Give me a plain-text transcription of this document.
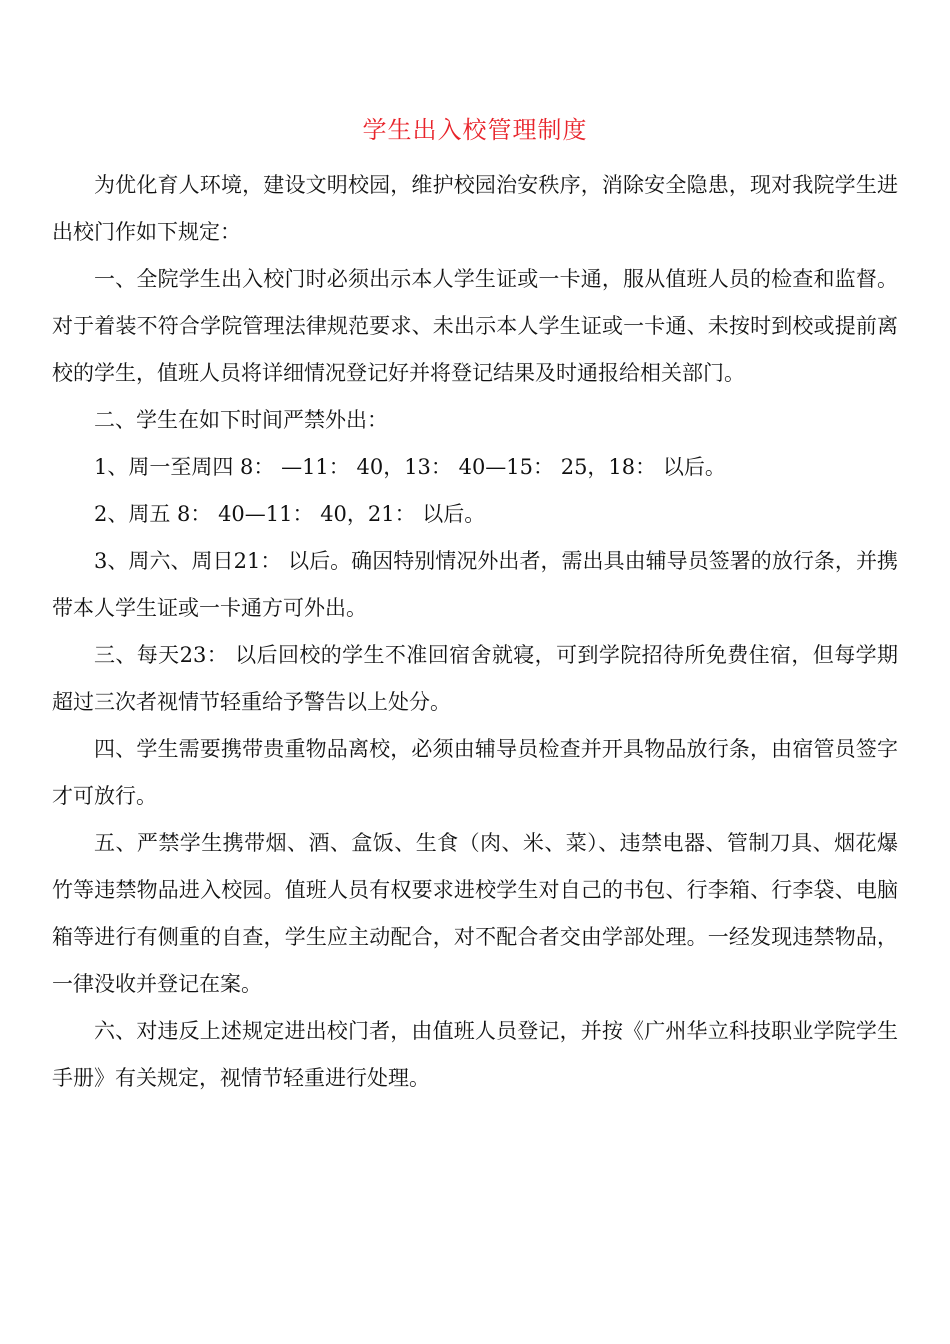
学生出入校管理制度

为优化育人环境，建设文明校园，维护校园治安秩序，消除安全隐患，现对我院学生进出校门作如下规定：

一、全院学生出入校门时必须出示本人学生证或一卡通，服从值班人员的检查和监督。对于着装不符合学院管理法律规范要求、未出示本人学生证或一卡通、未按时到校或提前离校的学生，值班人员将详细情况登记好并将登记结果及时通报给相关部门。

二、学生在如下时间严禁外出：

1、周一至周四 8： —11： 40，13： 40—15： 25，18： 以后。

2、周五 8： 40—11： 40，21： 以后。

3、周六、周日21： 以后。确因特别情况外出者，需出具由辅导员签署的放行条，并携带本人学生证或一卡通方可外出。

三、每天23： 以后回校的学生不准回宿舍就寝，可到学院招待所免费住宿，但每学期超过三次者视情节轻重给予警告以上处分。

四、学生需要携带贵重物品离校，必须由辅导员检查并开具物品放行条，由宿管员签字才可放行。

五、严禁学生携带烟、酒、盒饭、生食（肉、米、菜）、违禁电器、管制刀具、烟花爆竹等违禁物品进入校园。值班人员有权要求进校学生对自己的书包、行李箱、行李袋、电脑箱等进行有侧重的自查，学生应主动配合，对不配合者交由学部处理。一经发现违禁物品，一律没收并登记在案。

六、对违反上述规定进出校门者，由值班人员登记，并按《广州华立科技职业学院学生手册》有关规定，视情节轻重进行处理。
